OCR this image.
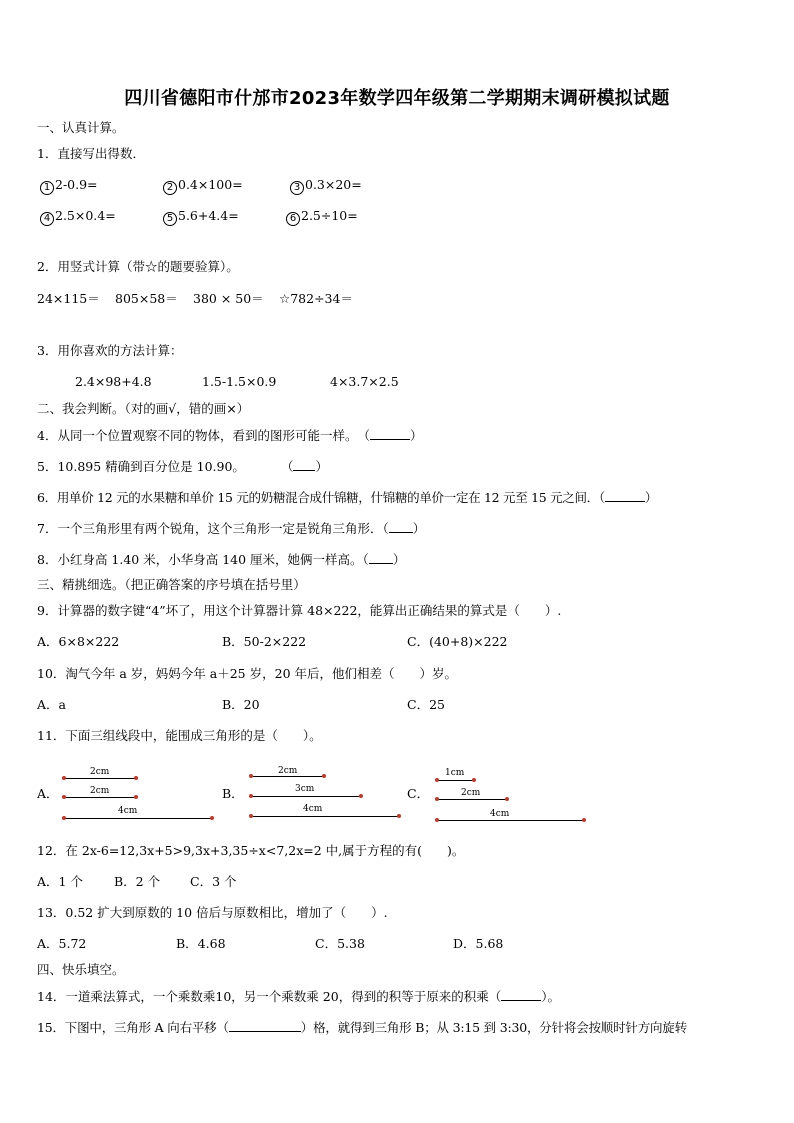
四川省德阳市什邡市2023年数学四年级第二学期期末调研模拟试题
一、认真计算。
1．直接写出得数．
1 2-0.9=	2 0.4×100=	3 0.3×20=
4 2.5×0.4=	5 5.6+4.4=	6 2.5÷10=
2．用竖式计算（带☆的题要验算）。
24×115＝ 805×58＝ 380 × 50＝ ☆782÷34＝
3．用你喜欢的方法计算：
2.4×98+4.8	1.5-1.5×0.9	4×3.7×2.5
二、我会判断。（对的画√，错的画×）
4．从同一个位置观察不同的物体，看到的图形可能一样。　 （	）
5．10.895 精确到百分位是 10.90。	（ ）
6．用单价 12 元的水果糖和单价 15 元的奶糖混合成什锦糖，什锦糖的单价一定在 12 元至 15 元之间．（	）
7．一个三角形里有两个锐角，这个三角形一定是锐角三角形．（ ）
8．小红身高 1.40 米，小华身高 140 厘米，她俩一样高。（ ）
三、精挑细选。（把正确答案的序号填在括号里）
9．计算器的数字键“4”坏了，用这个计算器计算 48×222，能算出正确结果的算式是（　　）.
A．6×8×222	B．50-2×222	C．(40+8)×222
10．淘气今年 a 岁，妈妈今年 a＋25 岁，20 年后，他们相差（　　）岁。
A．a	B．20	C．25
11．下面三组线段中，能围成三角形的是（　　）。
A．
2cm
2cm
4cm
B．
2cm
3cm
4cm
C．
1cm
2cm
4cm
12．在 2x-6=12,3x+5>9,3x+3,35÷x<7,2x=2 中,属于方程的有(　　)。
A．1 个 B．2 个 C．3 个
13．0.52 扩大到原数的 10 倍后与原数相比，增加了（　　）.
A．5.72	B．4.68	C．5.38	D．5.68
四、快乐填空。
14．一道乘法算式，一个乘数乘10，另一个乘数乘 20，得到的积等于原来的积乘（	）。
15．下图中，三角形 A 向右平移（	）格，就得到三角形 B；从 3:15 到 3:30，分针将会按顺时针方向旋转
